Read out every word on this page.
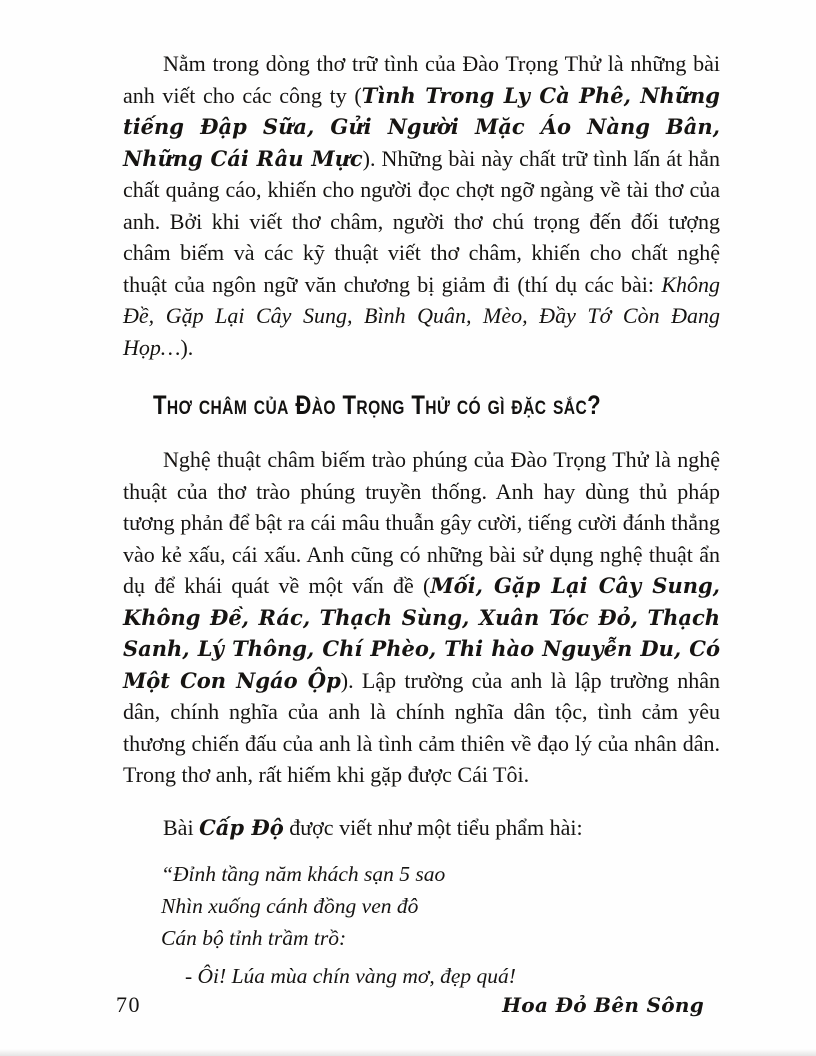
Nằm trong dòng thơ trữ tình của Đào Trọng Thử là những bài anh viết cho các công ty (Tình Trong Ly Cà Phê, Những tiếng Đập Sữa, Gửi Người Mặc Áo Nàng Bân, Những Cái Râu Mực). Những bài này chất trữ tình lấn át hẳn chất quảng cáo, khiến cho người đọc chợt ngỡ ngàng về tài thơ của anh. Bởi khi viết thơ châm, người thơ chú trọng đến đối tượng châm biếm và các kỹ thuật viết thơ châm, khiến cho chất nghệ thuật của ngôn ngữ văn chương bị giảm đi (thí dụ các bài: Không Đề, Gặp Lại Cây Sung, Bình Quân, Mèo, Đầy Tớ Còn Đang Họp…).

Thơ châm của Đào Trọng Thử có gì đặc sắc?

Nghệ thuật châm biếm trào phúng của Đào Trọng Thử là nghệ thuật của thơ trào phúng truyền thống. Anh hay dùng thủ pháp tương phản để bật ra cái mâu thuẫn gây cười, tiếng cười đánh thẳng vào kẻ xấu, cái xấu. Anh cũng có những bài sử dụng nghệ thuật ẩn dụ để khái quát về một vấn đề (Mối, Gặp Lại Cây Sung, Không Đề, Rác, Thạch Sùng, Xuân Tóc Đỏ, Thạch Sanh, Lý Thông, Chí Phèo, Thi hào Nguyễn Du, Có Một Con Ngáo Ộp). Lập trường của anh là lập trường nhân dân, chính nghĩa của anh là chính nghĩa dân tộc, tình cảm yêu thương chiến đấu của anh là tình cảm thiên về đạo lý của nhân dân. Trong thơ anh, rất hiếm khi gặp được Cái Tôi.

Bài Cấp Độ được viết như một tiểu phẩm hài:

“Đỉnh tầng năm khách sạn 5 sao
Nhìn xuống cánh đồng ven đô
Cán bộ tỉnh trầm trồ:

- Ôi! Lúa mùa chín vàng mơ, đẹp quá!

70	Hoa Đỏ Bên Sông
